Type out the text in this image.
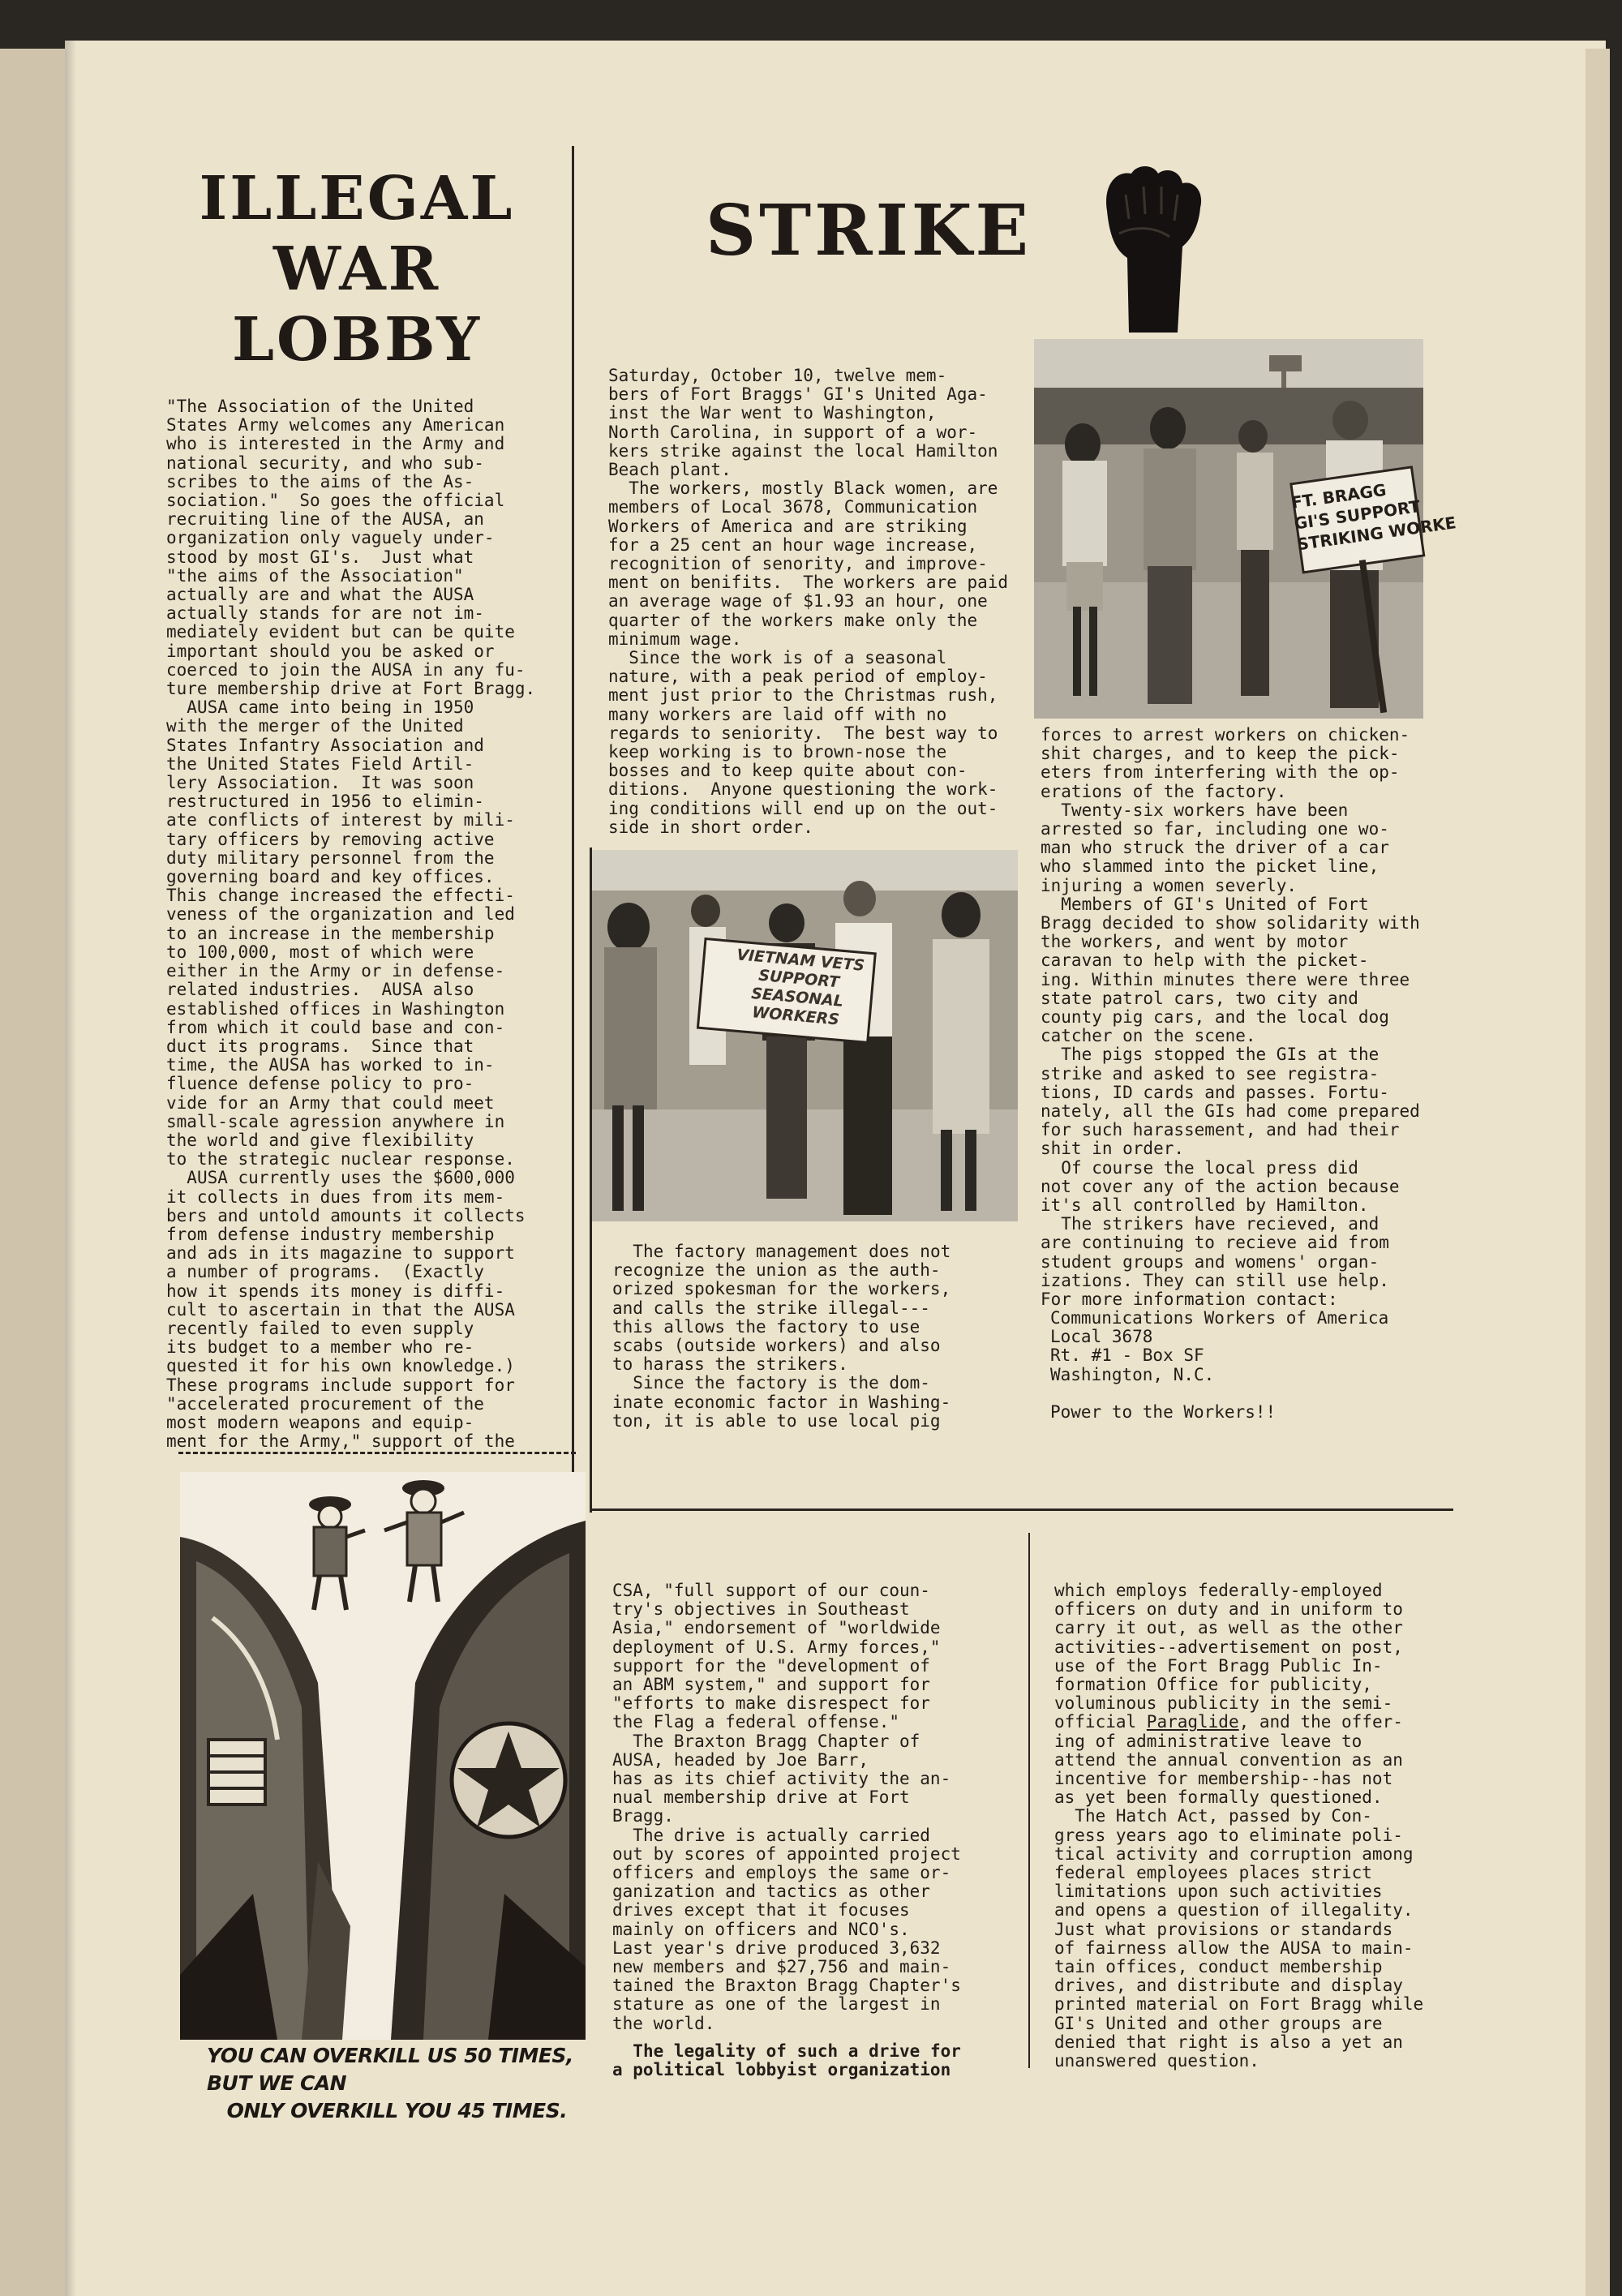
ILLEGAL
WAR
LOBBY
"The Association of the United
States Army welcomes any American
who is interested in the Army and
national security, and who sub-
scribes to the aims of the As-
sociation."  So goes the official
recruiting line of the AUSA, an
organization only vaguely under-
stood by most GI's.  Just what
"the aims of the Association"
actually are and what the AUSA
actually stands for are not im-
mediately evident but can be quite
important should you be asked or
coerced to join the AUSA in any fu-
ture membership drive at Fort Bragg.
AUSA came into being in 1950
with the merger of the United
States Infantry Association and
the United States Field Artil-
lery Association.  It was soon
restructured in 1956 to elimin-
ate conflicts of interest by mili-
tary officers by removing active
duty military personnel from the
governing board and key offices.
This change increased the effecti-
veness of the organization and led
to an increase in the membership
to 100,000, most of which were
either in the Army or in defense-
related industries.  AUSA also
established offices in Washington
from which it could base and con-
duct its programs.  Since that
time, the AUSA has worked to in-
fluence defense policy to pro-
vide for an Army that could meet
small-scale agression anywhere in
the world and give flexibility
to the strategic nuclear response.
AUSA currently uses the $600,000
it collects in dues from its mem-
bers and untold amounts it collects
from defense industry membership
and ads in its magazine to support
a number of programs.  (Exactly
how it spends its money is diffi-
cult to ascertain in that the AUSA
recently failed to even supply
its budget to a member who re-
quested it for his own knowledge.)
These programs include support for
"accelerated procurement of the
most modern weapons and equip-
ment for the Army," support of the
YOU CAN OVERKILL US 50 TIMES, BUT WE CAN
ONLY OVERKILL YOU 45 TIMES.
STRIKE
Saturday, October 10, twelve mem-
bers of Fort Braggs' GI's United Aga-
inst the War went to Washington,
North Carolina, in support of a wor-
kers strike against the local Hamilton
Beach plant.
The workers, mostly Black women, are
members of Local 3678, Communication
Workers of America and are striking
for a 25 cent an hour wage increase,
recognition of senority, and improve-
ment on benifits.  The workers are paid
an average wage of $1.93 an hour, one
quarter of the workers make only the
minimum wage.
Since the work is of a seasonal
nature, with a peak period of employ-
ment just prior to the Christmas rush,
many workers are laid off with no
regards to seniority.  The best way to
keep working is to brown-nose the
bosses and to keep quite about con-
ditions.  Anyone questioning the work-
ing conditions will end up on the out-
side in short order.
FT. BRAGG
GI'S SUPPORT
STRIKING WORKE
VIETNAM VETS
SUPPORT
SEASONAL
WORKERS
The factory management does not
recognize the union as the auth-
orized spokesman for the workers,
and calls the strike illegal---
this allows the factory to use
scabs (outside workers) and also
to harass the strikers.
Since the factory is the dom-
inate economic factor in Washing-
ton, it is able to use local pig
forces to arrest workers on chicken-
shit charges, and to keep the pick-
eters from interfering with the op-
erations of the factory.
Twenty-six workers have been
arrested so far, including one wo-
man who struck the driver of a car
who slammed into the picket line,
injuring a women severly.
Members of GI's United of Fort
Bragg decided to show solidarity with
the workers, and went by motor
caravan to help with the picket-
ing. Within minutes there were three
state patrol cars, two city and
county pig cars, and the local dog
catcher on the scene.
The pigs stopped the GIs at the
strike and asked to see registra-
tions, ID cards and passes. Fortu-
nately, all the GIs had come prepared
for such harassement, and had their
shit in order.
Of course the local press did
not cover any of the action because
it's all controlled by Hamilton.
The strikers have recieved, and
are continuing to recieve aid from
student groups and womens' organ-
izations. They can still use help.
For more information contact:
Communications Workers of America
Local 3678
Rt. #1 - Box SF
Washington, N.C.

Power to the Workers!!
CSA, "full support of our coun-
try's objectives in Southeast
Asia," endorsement of "worldwide
deployment of U.S. Army forces,"
support for the "development of
an ABM system," and support for
"efforts to make disrespect for
the Flag a federal offense."
The Braxton Bragg Chapter of
AUSA, headed by Joe Barr,
has as its chief activity the an-
nual membership drive at Fort
Bragg.
The drive is actually carried
out by scores of appointed project
officers and employs the same or-
ganization and tactics as other
drives except that it focuses
mainly on officers and NCO's.
Last year's drive produced 3,632
new members and $27,756 and main-
tained the Braxton Bragg Chapter's
stature as one of the largest in
the world.
The legality of such a drive for
a political lobbyist organization
which employs federally-employed
officers on duty and in uniform to
carry it out, as well as the other
activities--advertisement on post,
use of the Fort Bragg Public In-
formation Office for publicity,
voluminous publicity in the semi-
official Paraglide, and the offer-
ing of administrative leave to
attend the annual convention as an
incentive for membership--has not
as yet been formally questioned.
The Hatch Act, passed by Con-
gress years ago to eliminate poli-
tical activity and corruption among
federal employees places strict
limitations upon such activities
and opens a question of illegality.
Just what provisions or standards
of fairness allow the AUSA to main-
tain offices, conduct membership
drives, and distribute and display
printed material on Fort Bragg while
GI's United and other groups are
denied that right is also a yet an
unanswered question.
